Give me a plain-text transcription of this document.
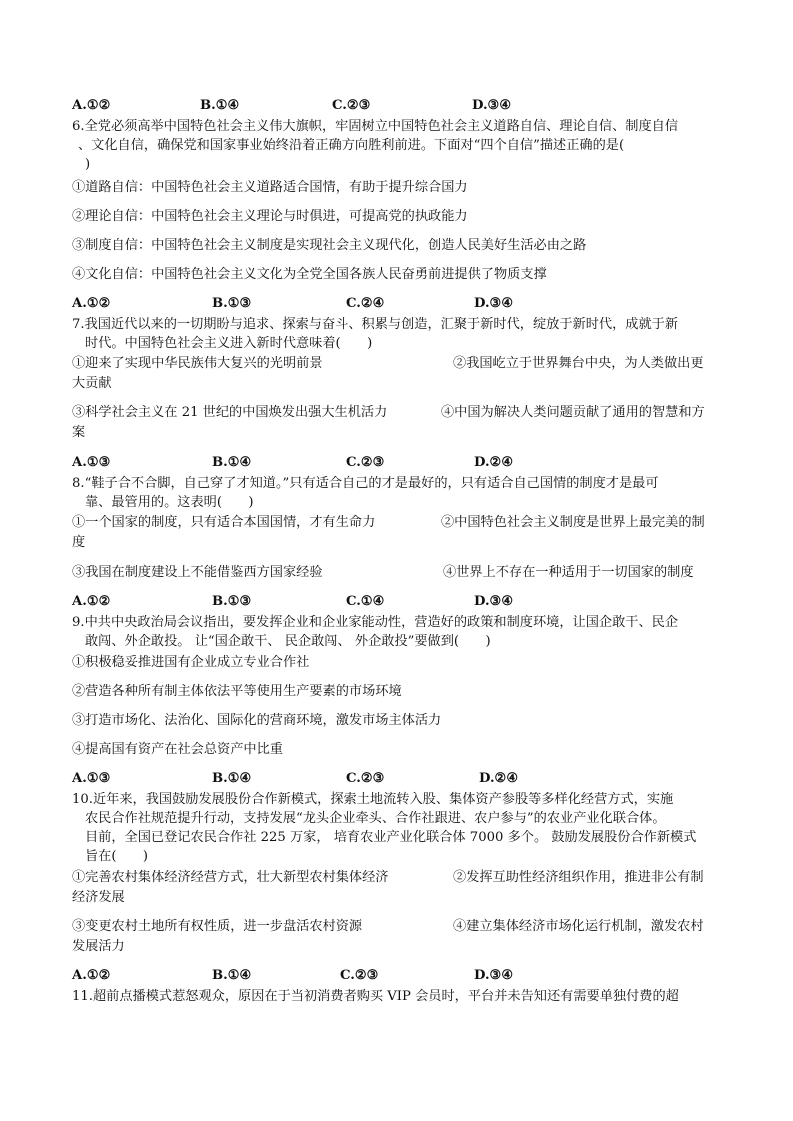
A.①②	B.①④	C.②③	D.③④
6.全党必须高举中国特色社会主义伟大旗帜，牢固树立中国特色社会主义道路自信、理论自信、制度自信
、文化自信，确保党和国家事业始终沿着正确方向胜利前进。下面对“四个自信”描述正确的是(
)
①道路自信：中国特色社会主义道路适合国情，有助于提升综合国力
②理论自信：中国特色社会主义理论与时俱进，可提高党的执政能力
③制度自信：中国特色社会主义制度是实现社会主义现代化，创造人民美好生活必由之路
④文化自信：中国特色社会主义文化为全党全国各族人民奋勇前进提供了物质支撑
A.①②	B.①③	C.②④	D.③④
7.我国近代以来的一切期盼与追求、探索与奋斗、积累与创造，汇聚于新时代，绽放于新时代，成就于新
时代。中国特色社会主义进入新时代意味着(　　)
①迎来了实现中华民族伟大复兴的光明前景	②我国屹立于世界舞台中央，为人类做出更
大贡献
③科学社会主义在 21 世纪的中国焕发出强大生机活力	④中国为解决人类问题贡献了通用的智慧和方
案
A.①③	B.①④	C.②③	D.②④
8.“鞋子合不合脚，自己穿了才知道。”只有适合自己的才是最好的，只有适合自己国情的制度才是最可
靠、最管用的。这表明(　　)
①一个国家的制度，只有适合本国国情，才有生命力	②中国特色社会主义制度是世界上最完美的制
度
③我国在制度建设上不能借鉴西方国家经验	④世界上不存在一种适用于一切国家的制度
A.①②	B.①③	C.①④	D.③④
9.中共中央政治局会议指出，要发挥企业和企业家能动性，营造好的政策和制度环境，让国企敢干、民企
敢闯、外企敢投。 让“国企敢干、 民企敢闯、 外企敢投”要做到(　　)
①积极稳妥推进国有企业成立专业合作社
②营造各种所有制主体依法平等使用生产要素的市场环境
③打造市场化、法治化、国际化的营商环境，激发市场主体活力
④提高国有资产在社会总资产中比重
A.①③	B.①④	C.②③	D.②④
10.近年来，我国鼓励发展股份合作新模式，探索土地流转入股、集体资产参股等多样化经营方式，实施
农民合作社规范提升行动，支持发展“龙头企业牵头、合作社跟进、农户参与”的农业产业化联合体。
目前，全国已登记农民合作社 225 万家， 培育农业产业化联合体 7000 多个。 鼓励发展股份合作新模式
旨在(　　)
①完善农村集体经济经营方式，壮大新型农村集体经济	②发挥互助性经济组织作用，推进非公有制
经济发展
③变更农村土地所有权性质，进一步盘活农村资源	④建立集体经济市场化运行机制，激发农村
发展活力
A.①②	B.①④	C.②③	D.③④
11.超前点播模式惹怒观众，原因在于当初消费者购买 VIP 会员时，平台并未告知还有需要单独付费的超
